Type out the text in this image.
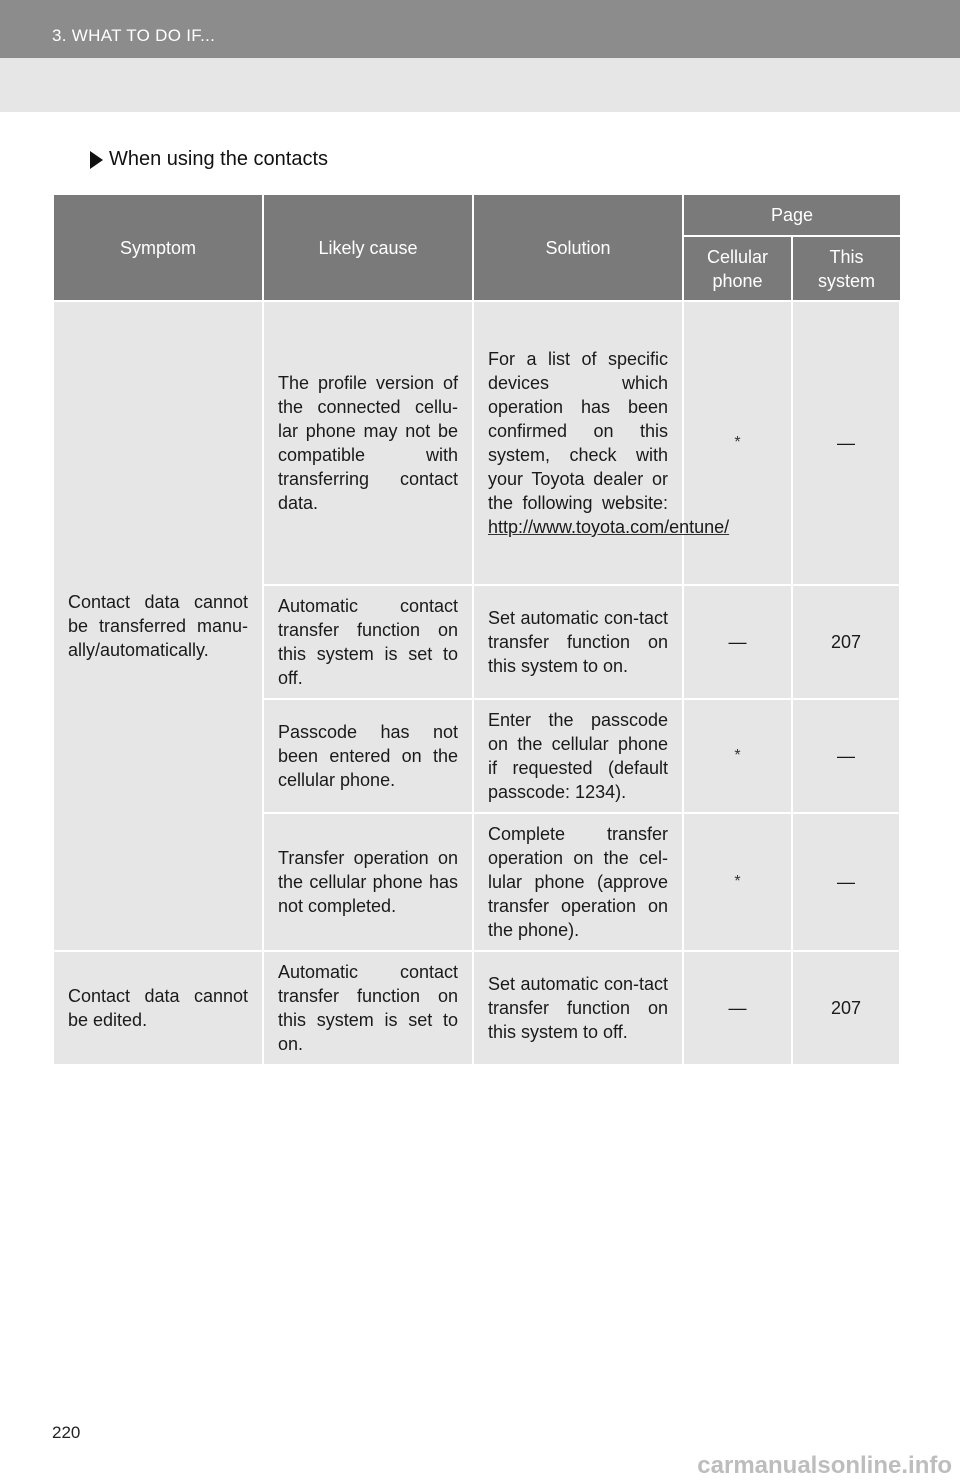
3. WHAT TO DO IF...
When using the contacts
Symptom	Likely cause	Solution	Page	
			Cellular phone	This system
Contact data cannot be transferred manu-ally/automatically.	The profile version of the connected cellu-lar phone may not be compatible with transferring contact data.	For a list of specific devices which operation has been confirmed on this system, check with your Toyota dealer or the following website: http://www.toyota.com/entune/	*	—
	Automatic contact transfer function on this system is set to off.	Set automatic con-tact transfer function on this system to on.	—	207
	Passcode has not been entered on the cellular phone.	Enter the passcode on the cellular phone if requested (default passcode: 1234).	*	—
	Transfer operation on the cellular phone has not completed.	Complete transfer operation on the cel-lular phone (approve transfer operation on the phone).	*	—
Contact data cannot be edited.	Automatic contact transfer function on this system is set to on.	Set automatic con-tact transfer function on this system to off.	—	207
220
carmanualsonline.info
